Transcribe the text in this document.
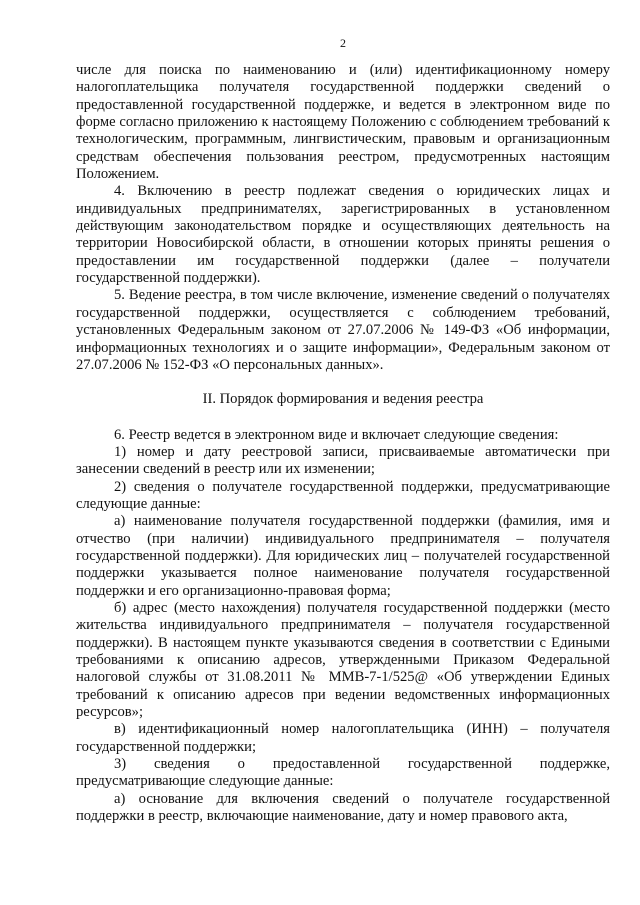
2

числе для поиска по наименованию и (или) идентификационному номеру налогоплательщика получателя государственной поддержки сведений о предоставленной государственной поддержке, и ведется в электронном виде по форме согласно приложению к настоящему Положению с соблюдением требований к технологическим, программным, лингвистическим, правовым и организационным средствам обеспечения пользования реестром, предусмотренных настоящим Положением.

4. Включению в реестр подлежат сведения о юридических лицах и индивидуальных предпринимателях, зарегистрированных в установленном действующим законодательством порядке и осуществляющих деятельность на территории Новосибирской области, в отношении которых приняты решения о предоставлении им государственной поддержки (далее – получатели государственной поддержки).

5. Ведение реестра, в том числе включение, изменение сведений о получателях государственной поддержки, осуществляется с соблюдением требований, установленных Федеральным законом от 27.07.2006 № 149-ФЗ «Об информации, информационных технологиях и о защите информации», Федеральным законом от 27.07.2006 № 152-ФЗ «О персональных данных».

II. Порядок формирования и ведения реестра

6. Реестр ведется в электронном виде и включает следующие сведения:

1) номер и дату реестровой записи, присваиваемые автоматически при занесении сведений в реестр или их изменении;

2) сведения о получателе государственной поддержки, предусматривающие следующие данные:

а) наименование получателя государственной поддержки (фамилия, имя и отчество (при наличии) индивидуального предпринимателя – получателя государственной поддержки). Для юридических лиц – получателей государственной поддержки указывается полное наименование получателя государственной поддержки и его организационно-правовая форма;

б) адрес (место нахождения) получателя государственной поддержки (место жительства индивидуального предпринимателя – получателя государственной поддержки). В настоящем пункте указываются сведения в соответствии с Едиными требованиями к описанию адресов, утвержденными Приказом Федеральной налоговой службы от 31.08.2011 № ММВ-7-1/525@ «Об утверждении Единых требований к описанию адресов при ведении ведомственных информационных ресурсов»;

в) идентификационный номер налогоплательщика (ИНН) – получателя государственной поддержки;

3) сведения о предоставленной государственной поддержке, предусматривающие следующие данные:

а) основание для включения сведений о получателе государственной поддержки в реестр, включающие наименование, дату и номер правового акта,
